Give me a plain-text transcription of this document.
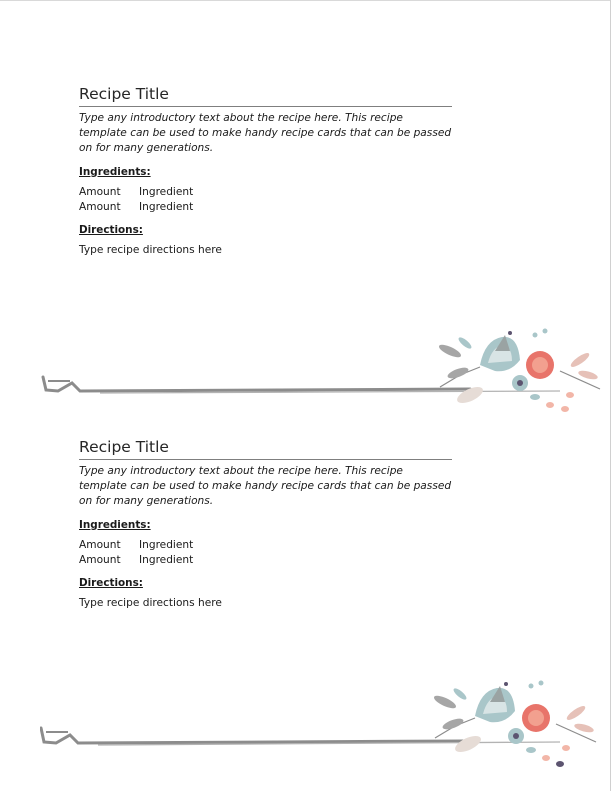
Recipe Title
Type any introductory text about the recipe here. This recipe template can be used to make handy recipe cards that can be passed on for many generations.
Ingredients:
Amount	Ingredient
Amount	Ingredient
Directions:
Type recipe directions here
Recipe Title
Type any introductory text about the recipe here. This recipe template can be used to make handy recipe cards that can be passed on for many generations.
Ingredients:
Amount	Ingredient
Amount	Ingredient
Directions:
Type recipe directions here
